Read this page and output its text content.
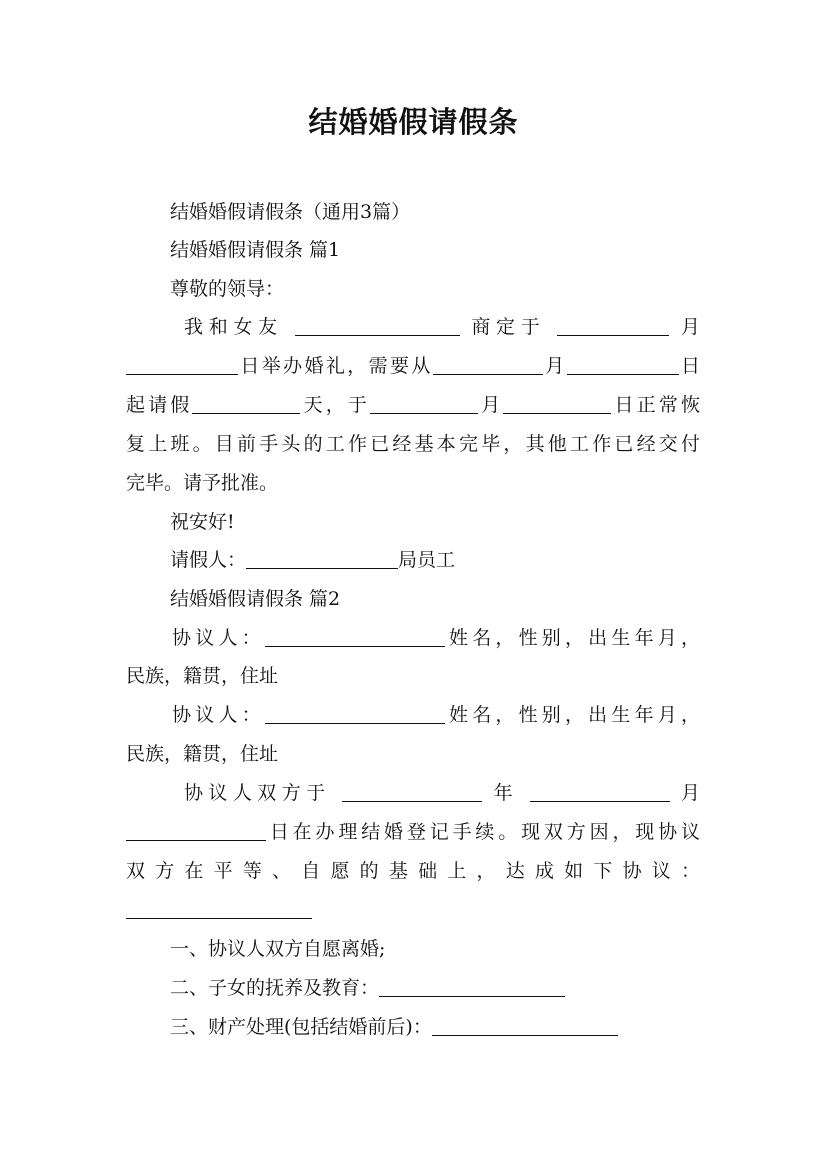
结婚婚假请假条
结婚婚假请假条（通用3篇）
结婚婚假请假条 篇1
尊敬的领导：
我和女友	商定于	月
日举办婚礼，需要从	月	日
起请假	天，于	月	日正常恢
复上班。目前手头的工作已经基本完毕，其他工作已经交付
完毕。请予批准。
祝安好!
请假人：	局员工
结婚婚假请假条 篇2
协议人：	姓名，性别，出生年月，
民族，籍贯，住址
协议人：	姓名，性别，出生年月，
民族，籍贯，住址
协议人双方于	年	月
日在办理结婚登记手续。现双方因，现协议
双方在平等、自愿的基础上，达成如下协议：
一、协议人双方自愿离婚;
二、子女的抚养及教育：
三、财产处理(包括结婚前后)：
